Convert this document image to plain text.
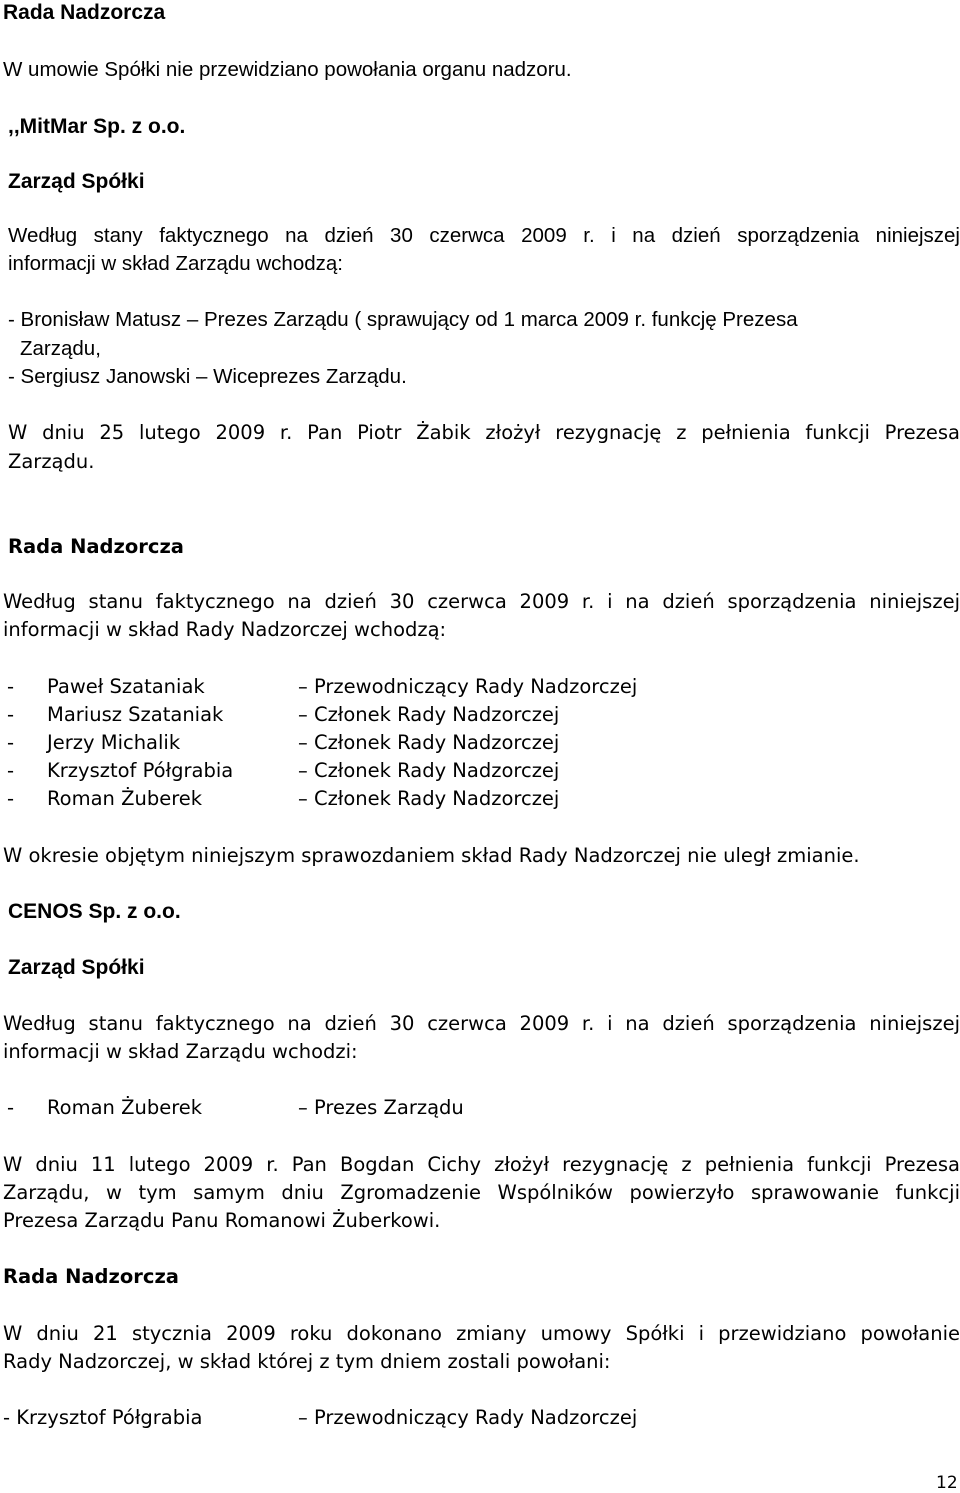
Rada Nadzorcza
W umowie Spółki nie przewidziano powołania organu nadzoru.
,,MitMar Sp. z o.o.
Zarząd Spółki
Według stany faktycznego na dzień 30 czerwca 2009 r. i na dzień sporządzenia niniejszej
informacji w skład Zarządu wchodzą:
- Bronisław Matusz – Prezes Zarządu ( sprawujący od 1 marca 2009 r. funkcję Prezesa
Zarządu,
- Sergiusz Janowski – Wiceprezes Zarządu.
W dniu 25 lutego 2009 r. Pan Piotr Żabik złożył rezygnację z pełnienia funkcji Prezesa
Zarządu.
Rada Nadzorcza
Według stanu faktycznego na dzień 30 czerwca 2009 r. i na dzień sporządzenia niniejszej
informacji w skład Rady Nadzorczej wchodzą:
- Paweł Szataniak	– Przewodniczący Rady Nadzorczej
- Mariusz Szataniak	– Członek Rady Nadzorczej
- Jerzy Michalik	– Członek Rady Nadzorczej
- Krzysztof Półgrabia	– Członek Rady Nadzorczej
- Roman Żuberek	– Członek Rady Nadzorczej
W okresie objętym niniejszym sprawozdaniem skład Rady Nadzorczej nie uległ zmianie.
CENOS Sp. z o.o.
Zarząd Spółki
Według stanu faktycznego na dzień 30 czerwca 2009 r. i na dzień sporządzenia niniejszej
informacji w skład Zarządu wchodzi:
- Roman Żuberek	– Prezes Zarządu
W dniu 11 lutego 2009 r. Pan Bogdan Cichy złożył rezygnację z pełnienia funkcji Prezesa
Zarządu, w tym samym dniu Zgromadzenie Wspólników powierzyło sprawowanie funkcji
Prezesa Zarządu Panu Romanowi Żuberkowi.
Rada Nadzorcza
W dniu 21 stycznia 2009 roku dokonano zmiany umowy Spółki i przewidziano powołanie
Rady Nadzorczej, w skład której z tym dniem zostali powołani:
- Krzysztof Półgrabia	– Przewodniczący Rady Nadzorczej
12
